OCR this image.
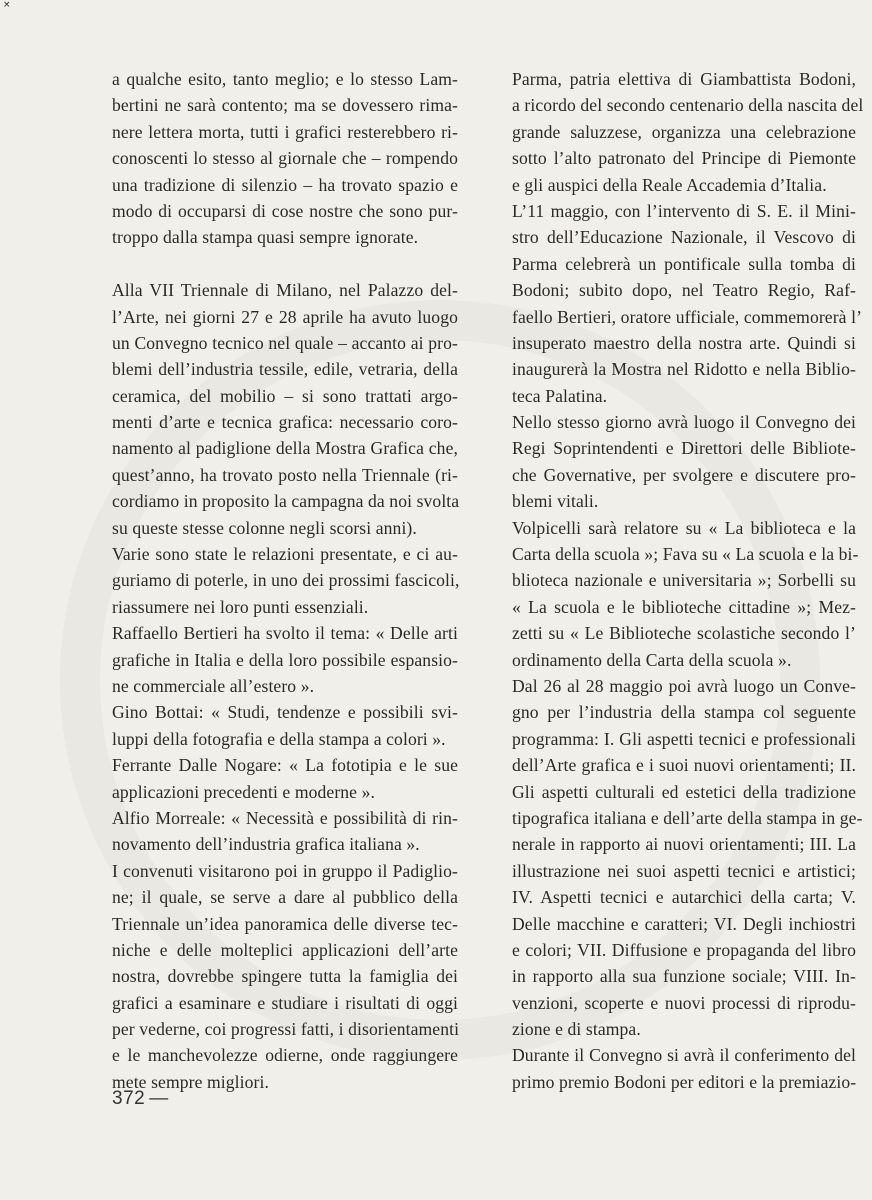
×
a qualche esito, tanto meglio; e lo stesso Lam-
bertini ne sarà contento; ma se dovessero rima-
nere lettera morta, tutti i grafici resterebbero ri-
conoscenti lo stesso al giornale che – rompendo
una tradizione di silenzio – ha trovato spazio e
modo di occuparsi di cose nostre che sono pur-
troppo dalla stampa quasi sempre ignorate.
Alla VII Triennale di Milano, nel Palazzo del-
l’Arte, nei giorni 27 e 28 aprile ha avuto luogo
un Convegno tecnico nel quale – accanto ai pro-
blemi dell’industria tessile, edile, vetraria, della
ceramica, del mobilio – si sono trattati argo-
menti d’arte e tecnica grafica: necessario coro-
namento al padiglione della Mostra Grafica che,
quest’anno, ha trovato posto nella Triennale (ri-
cordiamo in proposito la campagna da noi svolta
su queste stesse colonne negli scorsi anni).
Varie sono state le relazioni presentate, e ci au-
guriamo di poterle, in uno dei prossimi fascicoli,
riassumere nei loro punti essenziali.
Raffaello Bertieri ha svolto il tema: « Delle arti
grafiche in Italia e della loro possibile espansio-
ne commerciale all’estero ».
Gino Bottai: « Studi, tendenze e possibili svi-
luppi della fotografia e della stampa a colori ».
Ferrante Dalle Nogare: « La fototipia e le sue
applicazioni precedenti e moderne ».
Alfio Morreale: « Necessità e possibilità di rin-
novamento dell’industria grafica italiana ».
I convenuti visitarono poi in gruppo il Padiglio-
ne; il quale, se serve a dare al pubblico della
Triennale un’idea panoramica delle diverse tec-
niche e delle molteplici applicazioni dell’arte
nostra, dovrebbe spingere tutta la famiglia dei
grafici a esaminare e studiare i risultati di oggi
per vederne, coi progressi fatti, i disorientamenti
e le manchevolezze odierne, onde raggiungere
mete sempre migliori.
Parma, patria elettiva di Giambattista Bodoni,
a ricordo del secondo centenario della nascita del
grande saluzzese, organizza una celebrazione
sotto l’alto patronato del Principe di Piemonte
e gli auspici della Reale Accademia d’Italia.
L’11 maggio, con l’intervento di S. E. il Mini-
stro dell’Educazione Nazionale, il Vescovo di
Parma celebrerà un pontificale sulla tomba di
Bodoni; subito dopo, nel Teatro Regio, Raf-
faello Bertieri, oratore ufficiale, commemorerà l’
insuperato maestro della nostra arte. Quindi si
inaugurerà la Mostra nel Ridotto e nella Biblio-
teca Palatina.
Nello stesso giorno avrà luogo il Convegno dei
Regi Soprintendenti e Direttori delle Bibliote-
che Governative, per svolgere e discutere pro-
blemi vitali.
Volpicelli sarà relatore su « La biblioteca e la
Carta della scuola »; Fava su « La scuola e la bi-
blioteca nazionale e universitaria »; Sorbelli su
« La scuola e le biblioteche cittadine »; Mez-
zetti su « Le Biblioteche scolastiche secondo l’
ordinamento della Carta della scuola ».
Dal 26 al 28 maggio poi avrà luogo un Conve-
gno per l’industria della stampa col seguente
programma: I. Gli aspetti tecnici e professionali
dell’Arte grafica e i suoi nuovi orientamenti; II.
Gli aspetti culturali ed estetici della tradizione
tipografica italiana e dell’arte della stampa in ge-
nerale in rapporto ai nuovi orientamenti; III. La
illustrazione nei suoi aspetti tecnici e artistici;
IV. Aspetti tecnici e autarchici della carta; V.
Delle macchine e caratteri; VI. Degli inchiostri
e colori; VII. Diffusione e propaganda del libro
in rapporto alla sua funzione sociale; VIII. In-
venzioni, scoperte e nuovi processi di riprodu-
zione e di stampa.
Durante il Convegno si avrà il conferimento del
primo premio Bodoni per editori e la premiazio-
372 —
